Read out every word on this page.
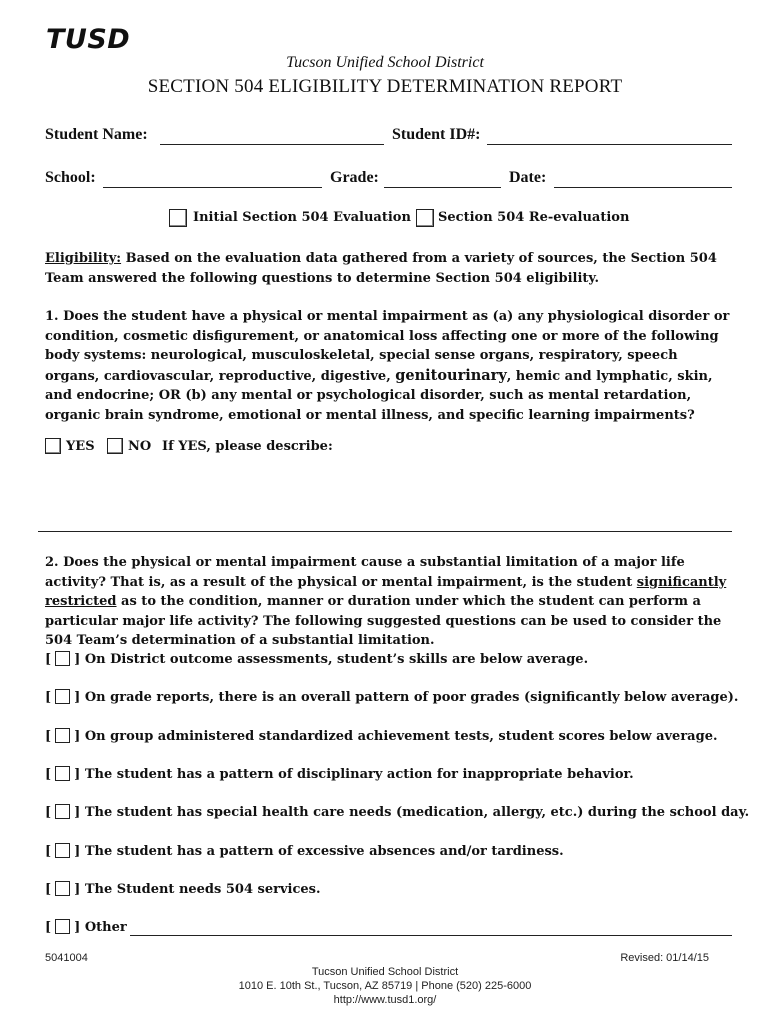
TUSD
Tucson Unified School District
SECTION 504 ELIGIBILITY DETERMINATION REPORT
Student Name:	Student ID#:
School:	Grade:	Date:
Initial Section 504 Evaluation Section 504 Re-evaluation
Eligibility: Based on the evaluation data gathered from a variety of sources, the Section 504 Team answered the following questions to determine Section 504 eligibility.
1. Does the student have a physical or mental impairment as (a) any physiological disorder or condition, cosmetic disfigurement, or anatomical loss affecting one or more of the following body systems: neurological, musculoskeletal, special sense organs, respiratory, speech organs, cardiovascular, reproductive, digestive, genitourinary, hemic and lymphatic, skin, and endocrine; OR (b) any mental or psychological disorder, such as mental retardation, organic brain syndrome, emotional or mental illness, and specific learning impairments?
YES	NO If YES, please describe:
2. Does the physical or mental impairment cause a substantial limitation of a major life activity? That is, as a result of the physical or mental impairment, is the student significantly restricted as to the condition, manner or duration under which the student can perform a particular major life activity? The following suggested questions can be used to consider the 504 Team’s determination of a substantial limitation.
[ ] On District outcome assessments, student’s skills are below average.
[ ] On grade reports, there is an overall pattern of poor grades (significantly below average).
[ ] On group administered standardized achievement tests, student scores below average.
[ ] The student has a pattern of disciplinary action for inappropriate behavior.
[ ] The student has special health care needs (medication, allergy, etc.) during the school day.
[ ] The student has a pattern of excessive absences and/or tardiness.
[ ] The Student needs 504 services.
[ ] Other
5041004	Revised: 01/14/15
Tucson Unified School District
1010 E. 10th St., Tucson, AZ 85719 | Phone (520) 225-6000
http://www.tusd1.org/
